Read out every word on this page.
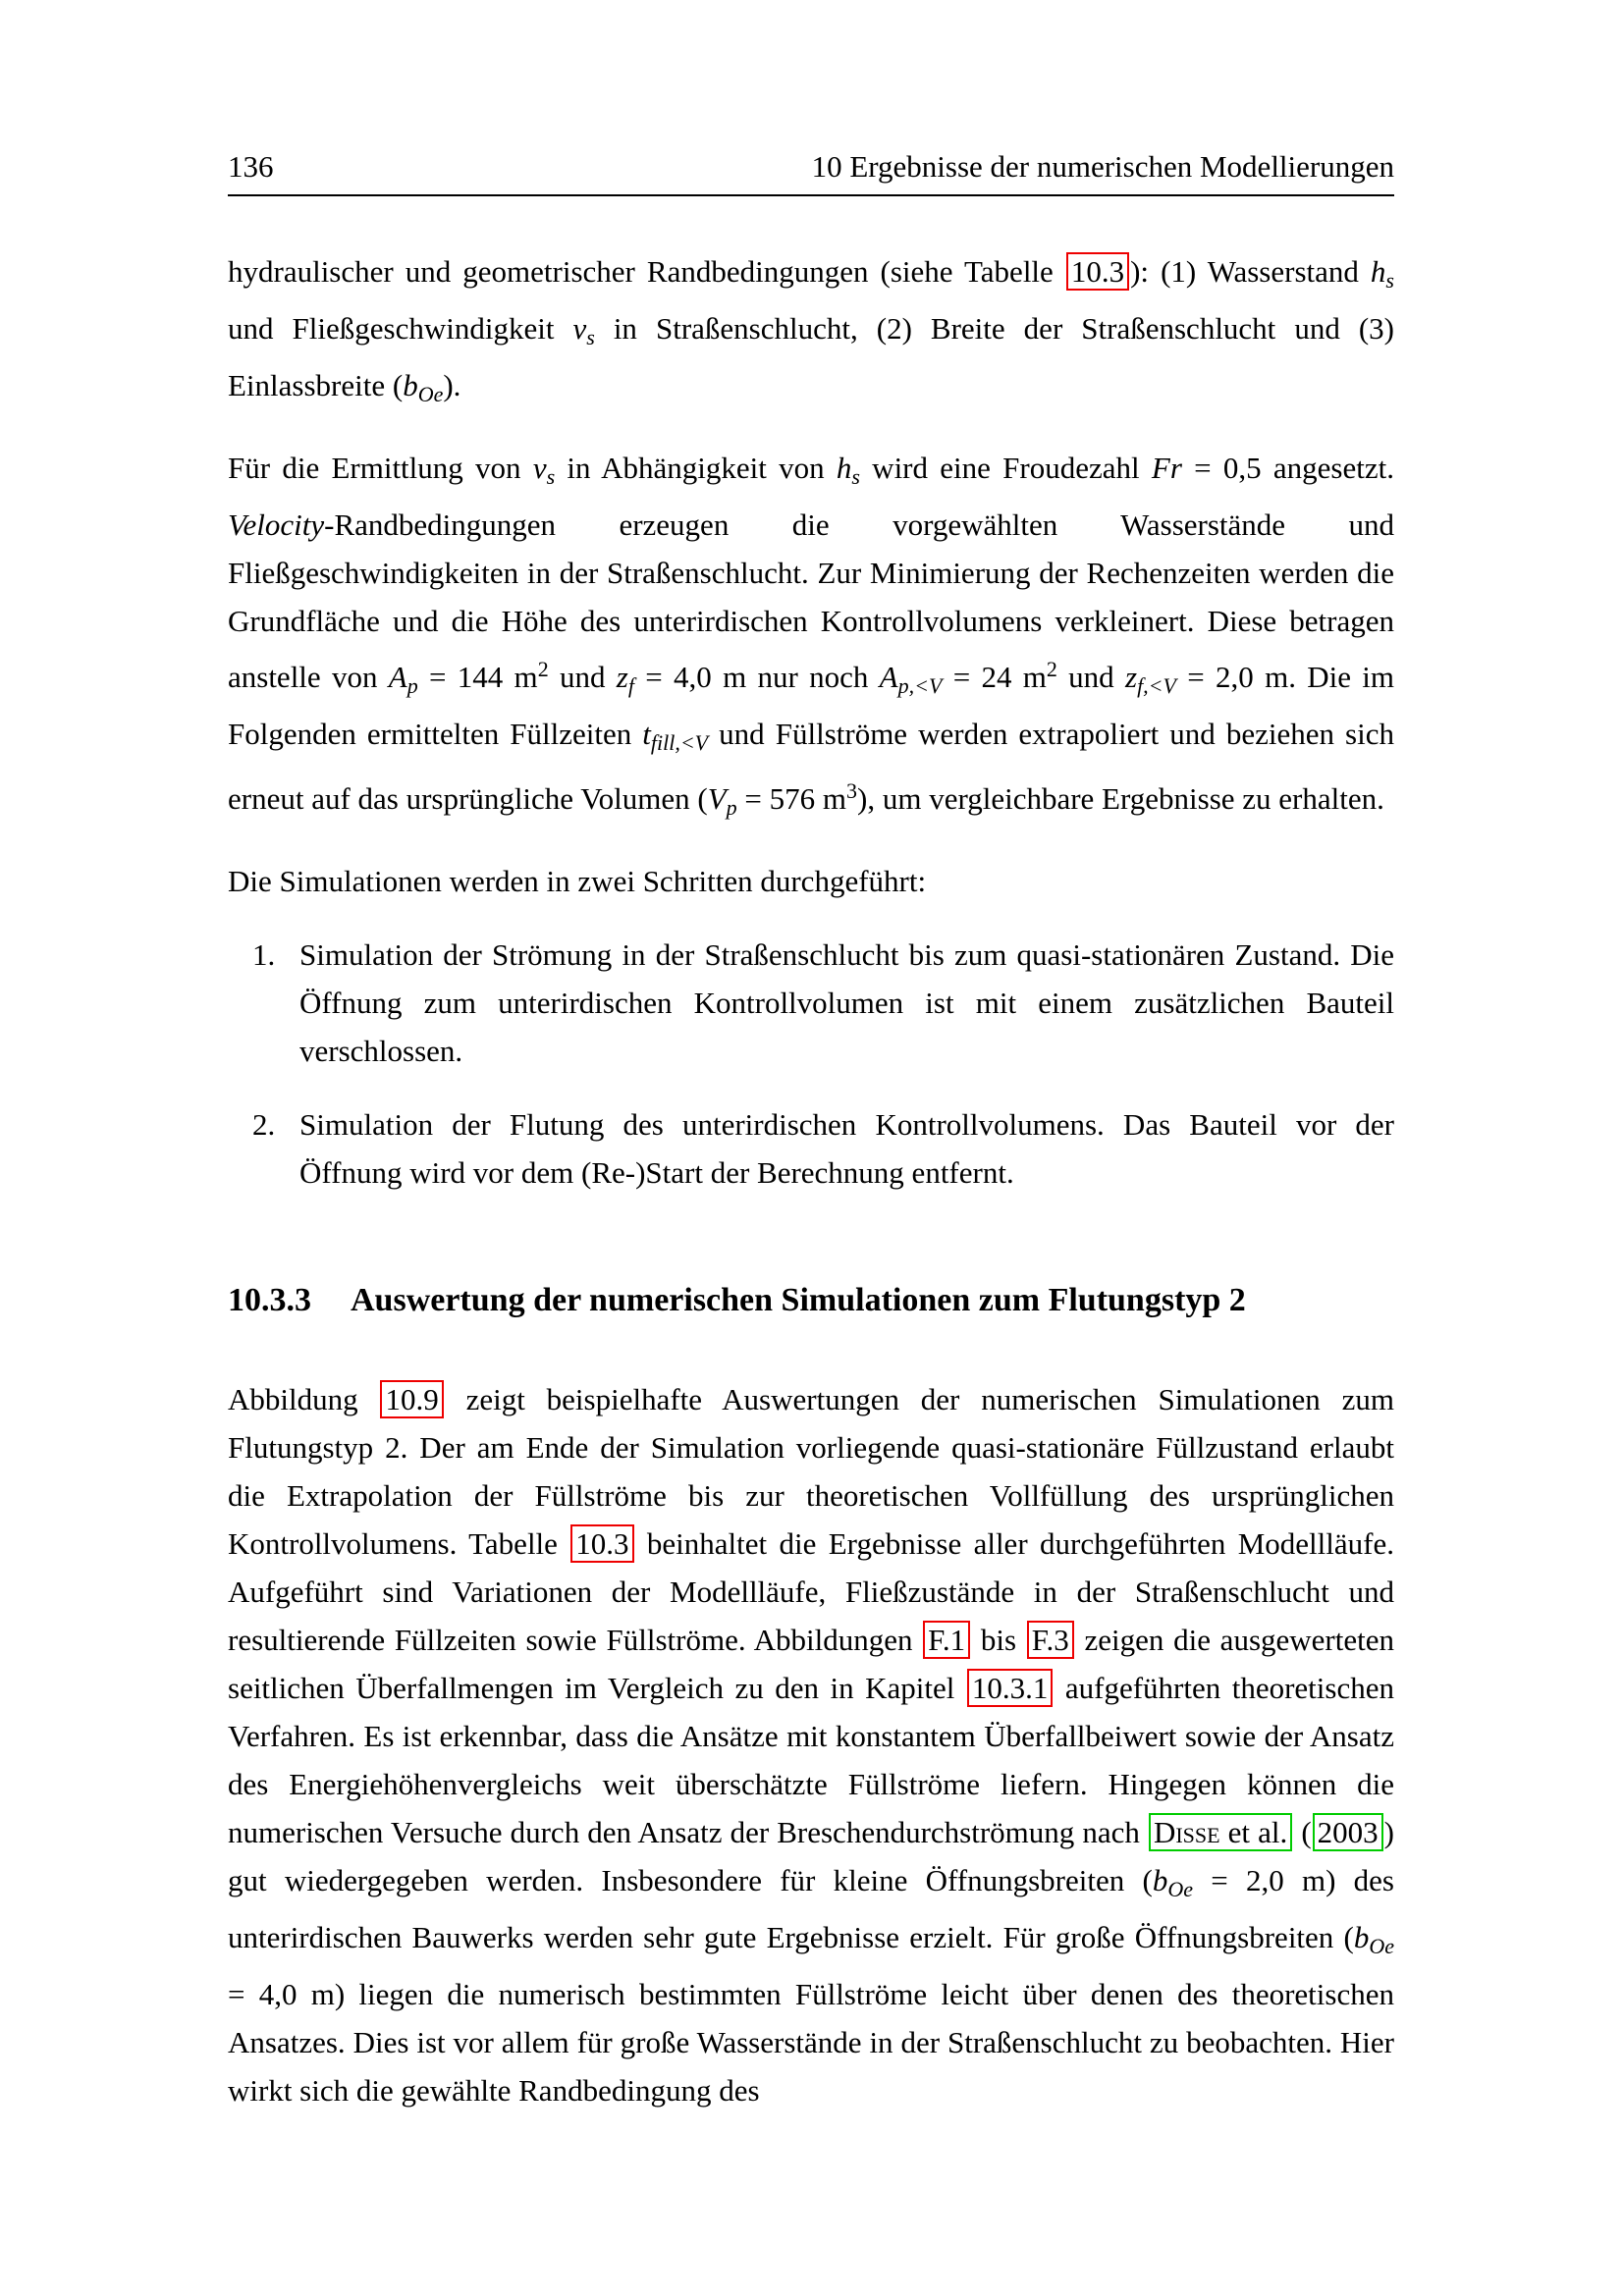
136	10 Ergebnisse der numerischen Modellierungen

hydraulischer und geometrischer Randbedingungen (siehe Tabelle 10.3 ): (1) Wasserstand hs und Fließgeschwindigkeit vs in Straßenschlucht, (2) Breite der Straßenschlucht und (3) Einlassbreite (bOe).

Für die Ermittlung von vs in Abhängigkeit von hs wird eine Froudezahl Fr = 0,5 angesetzt. Velocity-Randbedingungen erzeugen die vorgewählten Wasserstände und Fließgeschwindigkeiten in der Straßenschlucht. Zur Minimierung der Rechenzeiten werden die Grundfläche und die Höhe des unterirdischen Kontrollvolumens verkleinert. Diese betragen anstelle von Ap = 144 $m^2$ und zf = 4,0 m nur noch Ap,<V = 24 $m^2$ und zf,<V = 2,0 m. Die im Folgenden ermittelten Füllzeiten tfill,<V und Füllströme werden extrapoliert und beziehen sich erneut auf das ursprüngliche Volumen (Vp = 576 $m^3$), um vergleichbare Ergebnisse zu erhalten.

Die Simulationen werden in zwei Schritten durchgeführt:

1. Simulation der Strömung in der Straßenschlucht bis zum quasi-stationären Zustand. Die Öffnung zum unterirdischen Kontrollvolumen ist mit einem zusätzlichen Bauteil verschlossen.
2. Simulation der Flutung des unterirdischen Kontrollvolumens. Das Bauteil vor der Öffnung wird vor dem (Re-)Start der Berechnung entfernt.
10.3.3 Auswertung der numerischen Simulationen zum Flutungstyp 2

Abbildung 10.9 zeigt beispielhafte Auswertungen der numerischen Simulationen zum Flutungstyp 2. Der am Ende der Simulation vorliegende quasi-stationäre Füllzustand erlaubt die Extrapolation der Füllströme bis zur theoretischen Vollfüllung des ursprünglichen Kontrollvolumens. Tabelle 10.3 beinhaltet die Ergebnisse aller durchgeführten Modellläufe. Aufgeführt sind Variationen der Modellläufe, Fließzustände in der Straßenschlucht und resultierende Füllzeiten sowie Füllströme. Abbildungen F.1 bis F.3 zeigen die ausgewerteten seitlichen Überfallmengen im Vergleich zu den in Kapitel 10.3.1 aufgeführten theoretischen Verfahren. Es ist erkennbar, dass die Ansätze mit konstantem Überfallbeiwert sowie der Ansatz des Energiehöhenvergleichs weit überschätzte Füllströme liefern. Hingegen können die numerischen Versuche durch den Ansatz der Breschendurchströmung nach Disse et al. ( 2003 ) gut wiedergegeben werden. Insbesondere für kleine Öffnungsbreiten (bOe = 2,0 m) des unterirdischen Bauwerks werden sehr gute Ergebnisse erzielt. Für große Öffnungsbreiten (bOe = 4,0 m) liegen die numerisch bestimmten Füllströme leicht über denen des theoretischen Ansatzes. Dies ist vor allem für große Wasserstände in der Straßenschlucht zu beobachten. Hier wirkt sich die gewählte Randbedingung des
